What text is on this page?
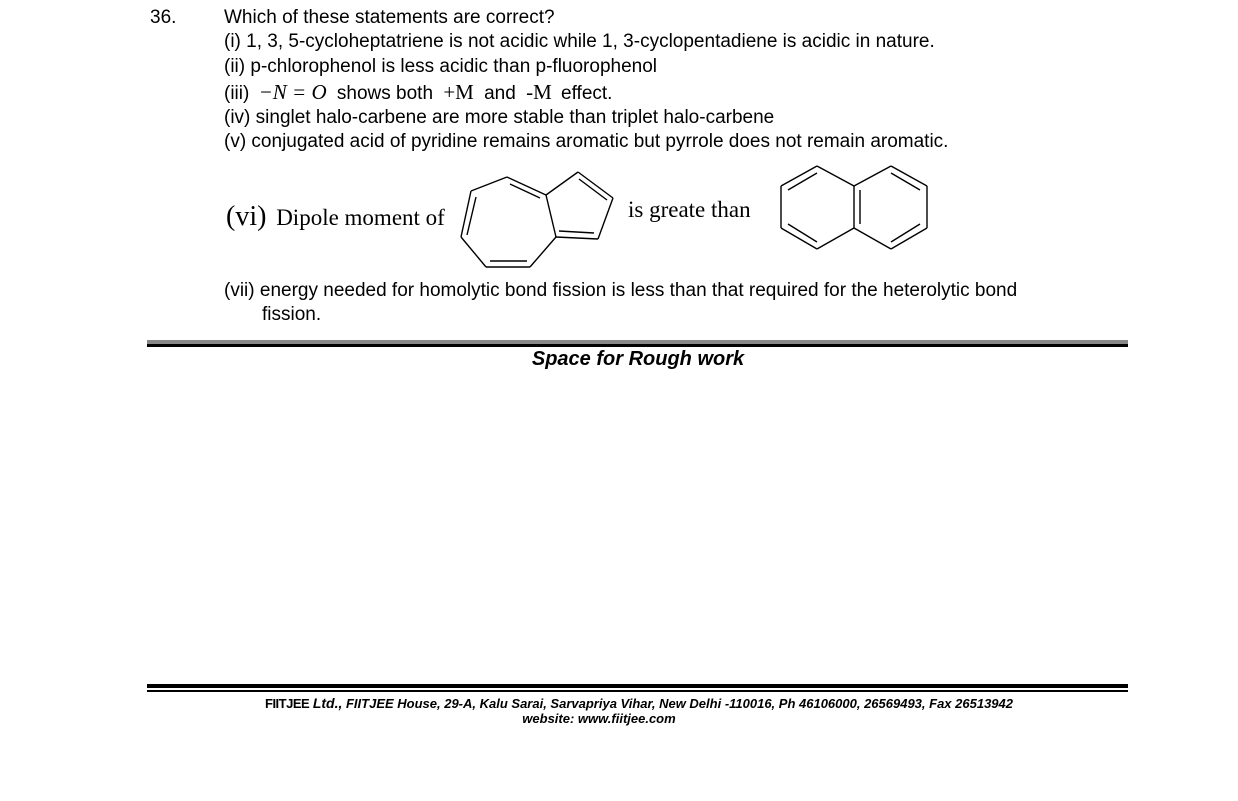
36.	Which of these statements are correct?
(i) 1, 3, 5-cycloheptatriene is not acidic while 1, 3-cyclopentadiene is acidic in nature.
(ii) p-chlorophenol is less acidic than p-fluorophenol
(iii) −N = O shows both +M and -M effect.
(iv) singlet halo-carbene are more stable than triplet halo-carbene
(v) conjugated acid of pyridine remains aromatic but pyrrole does not remain aromatic.
(vi) Dipole moment of	is greate than
(vii) energy needed for homolytic bond fission is less than that required for the heterolytic bond
fission.
Space for Rough work
FIITJEE Ltd., FIITJEE House, 29-A, Kalu Sarai, Sarvapriya Vihar, New Delhi -110016, Ph 46106000, 26569493, Fax 26513942
website: www.fiitjee.com
